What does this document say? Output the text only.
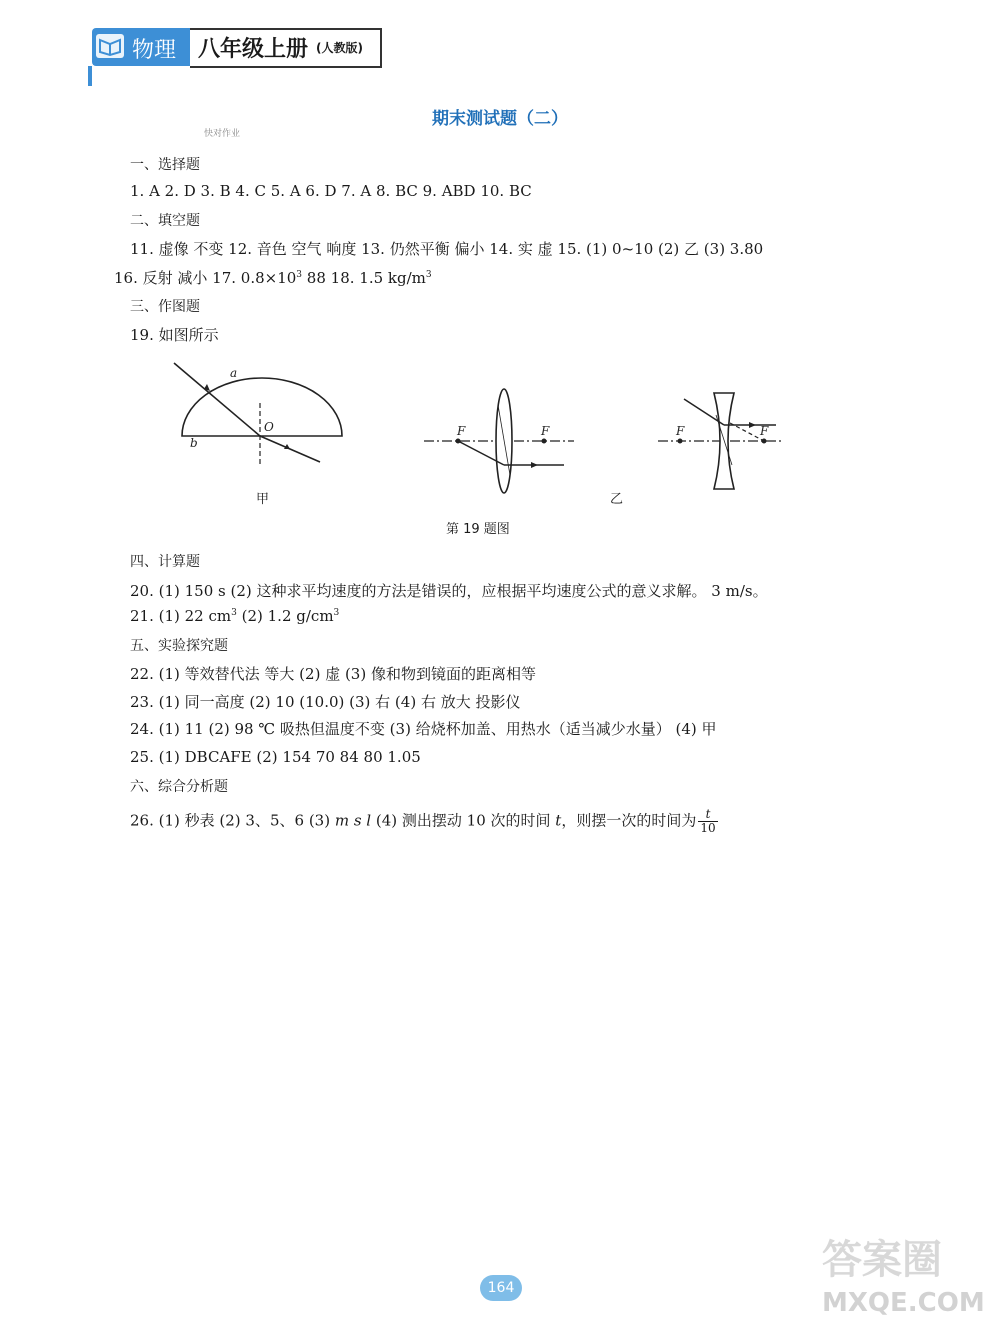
物理 八年级上册 (人教版)
期末测试题（二）
快对作业
一、选择题
1. A 2. D 3. B 4. C 5. A 6. D 7. A 8. BC 9. ABD 10. BC
二、填空题
11. 虚像 不变 12. 音色 空气 响度 13. 仍然平衡 偏小 14. 实 虚 15. (1) 0~10 (2) 乙 (3) 3.80
16. 反射 减小 17. $0.8\times 10^3$ 88 18. 1.5 $kg/m^3$
三、作图题
19. 如图所示
a
b
O	F	F	F	F
甲	乙
第 19 题图
四、计算题
20. (1) 150 s (2) 这种求平均速度的方法是错误的，应根据平均速度公式的意义求解。 3 m/s。
21. (1) 22 $cm^3$ (2) 1.2 $g/cm^3$
五、实验探究题
22. (1) 等效替代法 等大 (2) 虚 (3) 像和物到镜面的距离相等
23. (1) 同一高度 (2) 10 (10.0) (3) 右 (4) 右 放大 投影仪
24. (1) 11 (2) 98 ℃ 吸热但温度不变 (3) 给烧杯加盖、用热水（适当减少水量） (4) 甲
25. (1) DBCAFE (2) 154 70 84 80 1.05
六、综合分析题
26. (1) 秒表 (2) 3、5、6 (3) m s l (4) 测出摆动 10 次的时间 t，则摆一次的时间为 $\frac{t}{10}$
164
答案圈
MXQE.COM
